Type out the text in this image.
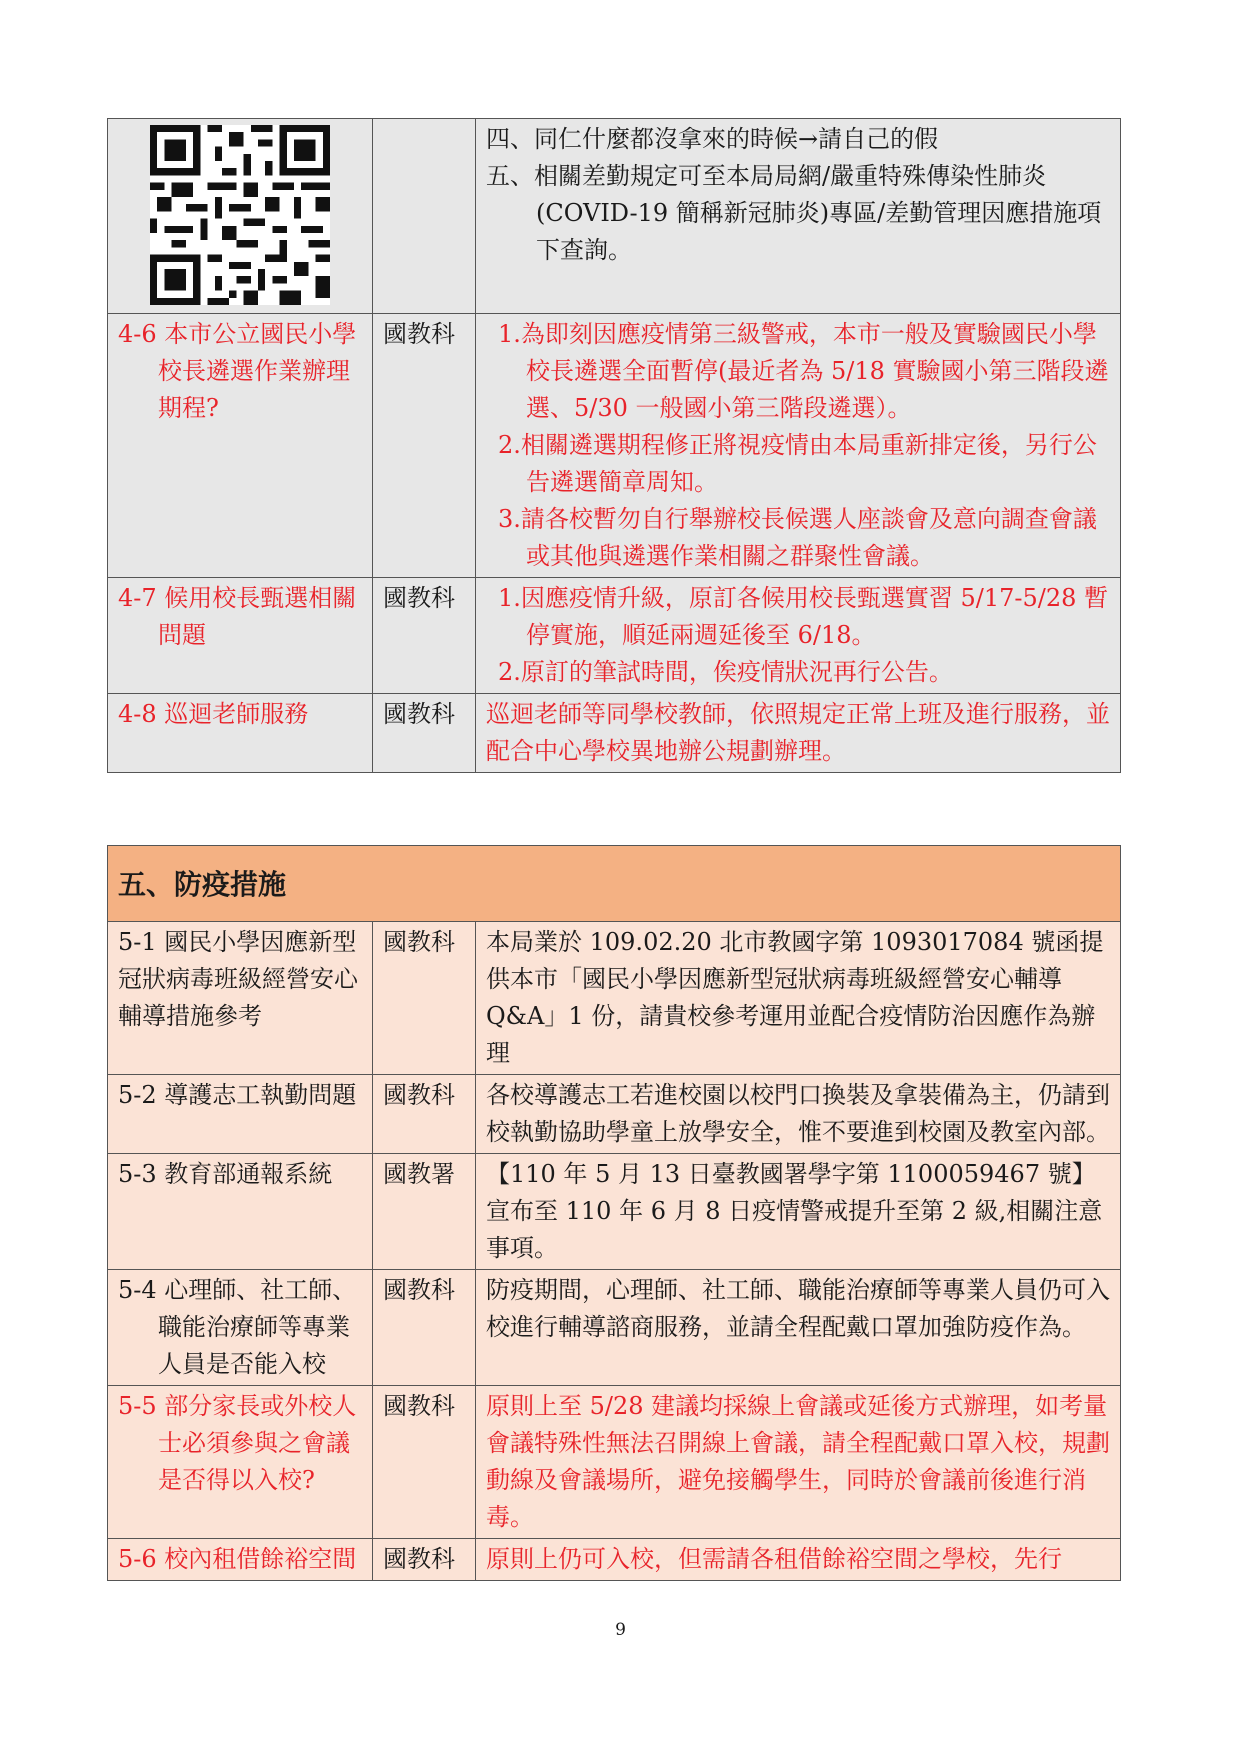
四、同仁什麼都沒拿來的時候→請自己的假

五、相關差勤規定可至本局局網/嚴重特殊傳染性肺炎(COVID-19 簡稱新冠肺炎)專區/差勤管理因應措施項下查詢。

4-6 本市公立國民小學校長遴選作業辦理期程?	國教科	1.為即刻因應疫情第三級警戒，本市一般及實驗國民小學校長遴選全面暫停(最近者為 5/18 實驗國小第三階段遴選、5/30 一般國小第三階段遴選）。

2.相關遴選期程修正將視疫情由本局重新排定後，另行公告遴選簡章周知。

3.請各校暫勿自行舉辦校長候選人座談會及意向調查會議或其他與遴選作業相關之群聚性會議。

4-7 候用校長甄選相關問題	國教科	1.因應疫情升級，原訂各候用校長甄選實習 5/17-5/28 暫停實施，順延兩週延後至 6/18。

2.原訂的筆試時間，俟疫情狀況再行公告。

4-8 巡迴老師服務	國教科	巡迴老師等同學校教師，依照規定正常上班及進行服務，並配合中心學校異地辦公規劃辦理。

五、防疫措施		
5-1 國民小學因應新型冠狀病毒班級經營安心輔導措施參考	國教科	本局業於 109.02.20 北市教國字第 1093017084 號函提供本市「國民小學因應新型冠狀病毒班級經營安心輔導 Q&A」1 份，請貴校參考運用並配合疫情防治因應作為辦理
5-2 導護志工執勤問題	國教科	各校導護志工若進校園以校門口換裝及拿裝備為主，仍請到校執勤協助學童上放學安全，惟不要進到校園及教室內部。
5-3 教育部通報系統	國教署	【110 年 5 月 13 日臺教國署學字第 1100059467 號】宣布至 110 年 6 月 8 日疫情警戒提升至第 2 級,相關注意事項。

5-4 心理師、社工師、職能治療師等專業人員是否能入校	國教科	防疫期間，心理師、社工師、職能治療師等專業人員仍可入校進行輔導諮商服務，並請全程配戴口罩加強防疫作為。

5-5 部分家長或外校人士必須參與之會議是否得以入校?	國教科	原則上至 5/28 建議均採線上會議或延後方式辦理，如考量會議特殊性無法召開線上會議，請全程配戴口罩入校，規劃動線及會議場所，避免接觸學生，同時於會議前後進行消毒。
5-6 校內租借餘裕空間	國教科	原則上仍可入校，但需請各租借餘裕空間之學校，先行
9
